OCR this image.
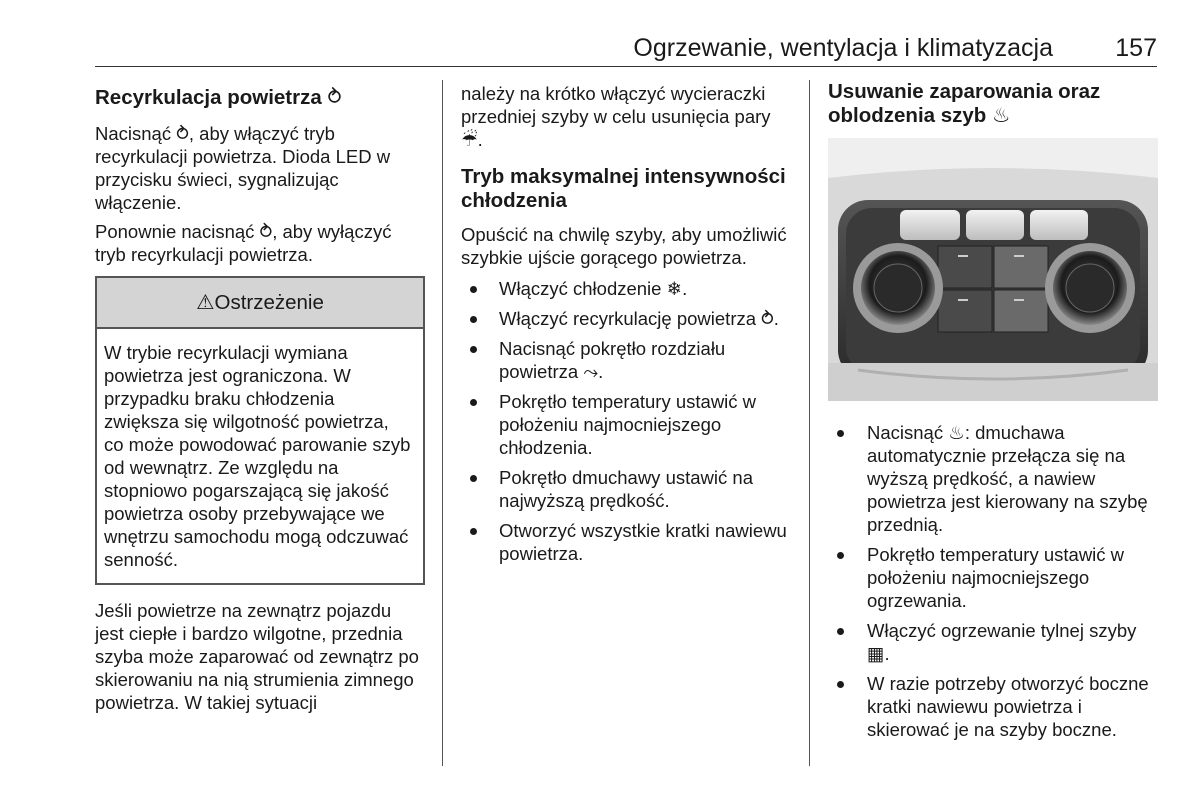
Ogrzewanie, wentylacja i klimatyzacja 157
Recyrkulacja powietrza ⥁

Nacisnąć ⥁, aby włączyć tryb recyrkulacji powietrza. Dioda LED w przycisku świeci, sygnalizując włączenie.

Ponownie nacisnąć ⥁, aby wyłączyć tryb recyrkulacji powietrza.

⚠ Ostrzeżenie

W trybie recyrkulacji wymiana powietrza jest ograniczona. W przypadku braku chłodzenia zwiększa się wilgotność powietrza, co może powodować parowanie szyb od wewnątrz. Ze względu na stopniowo pogarszającą się jakość powietrza osoby przebywające we wnętrzu samochodu mogą odczuwać senność.

Jeśli powietrze na zewnątrz pojazdu jest ciepłe i bardzo wilgotne, przednia szyba może zaparować od zewnątrz po skierowaniu na nią strumienia zimnego powietrza. W takiej sytuacji

należy na krótko włączyć wycieraczki przedniej szyby w celu usunięcia pary ☔.

Tryb maksymalnej intensywności chłodzenia

Opuścić na chwilę szyby, aby umożliwić szybkie ujście gorącego powietrza.

Włączyć chłodzenie ❄.
Włączyć recyrkulację powietrza ⥁.
Nacisnąć pokrętło rozdziału powietrza ⤳.
Pokrętło temperatury ustawić w położeniu najmocniejszego chłodzenia.
Pokrętło dmuchawy ustawić na najwyższą prędkość.
Otworzyć wszystkie kratki nawiewu powietrza.
Usuwanie zaparowania oraz oblodzenia szyb ♨
Nacisnąć ♨: dmuchawa automatycznie przełącza się na wyższą prędkość, a nawiew powietrza jest kierowany na szybę przednią.
Pokrętło temperatury ustawić w położeniu najmocniejszego ogrzewania.
Włączyć ogrzewanie tylnej szyby ▦.
W razie potrzeby otworzyć boczne kratki nawiewu powietrza i skierować je na szyby boczne.
